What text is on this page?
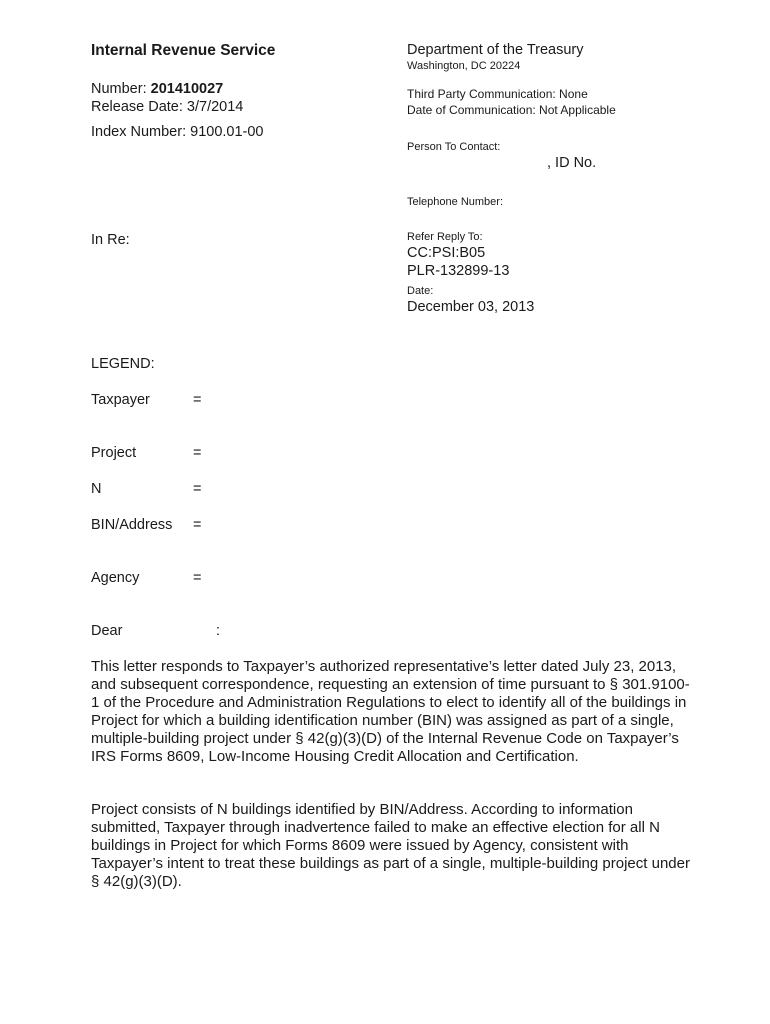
Internal Revenue Service
Number: 201410027
Release Date: 3/7/2014
Index Number: 9100.01-00
In Re:
Department of the Treasury
Washington, DC 20224
Third Party Communication: None
Date of Communication: Not Applicable
Person To Contact:
, ID No.
Telephone Number:
Refer Reply To:
CC:PSI:B05
PLR-132899-13
Date:
December 03, 2013
LEGEND:
Taxpayer	=
Project	=
N	=
BIN/Address =
Agency	=
Dear	:
This letter responds to Taxpayer’s authorized representative’s letter dated July 23, 2013, and subsequent correspondence, requesting an extension of time pursuant to § 301.9100-1 of the Procedure and Administration Regulations to elect to identify all of the buildings in Project for which a building identification number (BIN) was assigned as part of a single, multiple-building project under § 42(g)(3)(D) of the Internal Revenue Code on Taxpayer’s IRS Forms 8609, Low-Income Housing Credit Allocation and Certification.
Project consists of N buildings identified by BIN/Address. According to information submitted, Taxpayer through inadvertence failed to make an effective election for all N buildings in Project for which Forms 8609 were issued by Agency, consistent with Taxpayer’s intent to treat these buildings as part of a single, multiple-building project under § 42(g)(3)(D).
